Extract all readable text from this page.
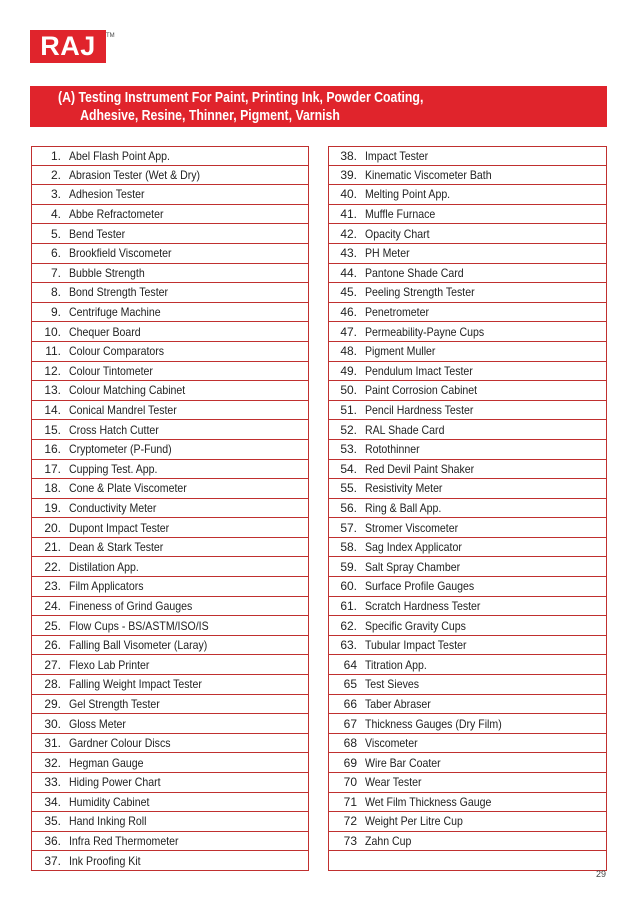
RAJ TM
(A) Testing Instrument For Paint, Printing Ink, Powder Coating,
Adhesive, Resine, Thinner, Pigment, Varnish
1. Abel Flash Point App.
2. Abrasion Tester (Wet & Dry)
3. Adhesion Tester
4. Abbe Refractometer
5. Bend Tester
6. Brookfield Viscometer
7. Bubble Strength
8. Bond Strength Tester
9. Centrifuge Machine
10. Chequer Board
11. Colour Comparators
12. Colour Tintometer
13. Colour Matching Cabinet
14. Conical Mandrel Tester
15. Cross Hatch Cutter
16. Cryptometer (P-Fund)
17. Cupping Test. App.
18. Cone & Plate Viscometer
19. Conductivity Meter
20. Dupont Impact Tester
21. Dean & Stark Tester
22. Distilation App.
23. Film Applicators
24. Fineness of Grind Gauges
25. Flow Cups - BS/ASTM/ISO/IS
26. Falling Ball Visometer (Laray)
27. Flexo Lab Printer
28. Falling Weight Impact Tester
29. Gel Strength Tester
30. Gloss Meter
31. Gardner Colour Discs
32. Hegman Gauge
33. Hiding Power Chart
34. Humidity Cabinet
35. Hand Inking Roll
36. Infra Red Thermometer
37. Ink Proofing Kit
38. Impact Tester
39. Kinematic Viscometer Bath
40. Melting Point App.
41. Muffle Furnace
42. Opacity Chart
43. PH Meter
44. Pantone Shade Card
45. Peeling Strength Tester
46. Penetrometer
47. Permeability-Payne Cups
48. Pigment Muller
49. Pendulum Imact Tester
50. Paint Corrosion Cabinet
51. Pencil Hardness Tester
52. RAL Shade Card
53. Rotothinner
54. Red Devil Paint Shaker
55. Resistivity Meter
56. Ring & Ball App.
57. Stromer Viscometer
58. Sag Index Applicator
59. Salt Spray Chamber
60. Surface Profile Gauges
61. Scratch Hardness Tester
62. Specific Gravity Cups
63. Tubular Impact Tester
64 Titration App.
65 Test Sieves
66 Taber Abraser
67 Thickness Gauges (Dry Film)
68 Viscometer
69 Wire Bar Coater
70 Wear Tester
71 Wet Film Thickness Gauge
72 Weight Per Litre Cup
73 Zahn Cup
29
